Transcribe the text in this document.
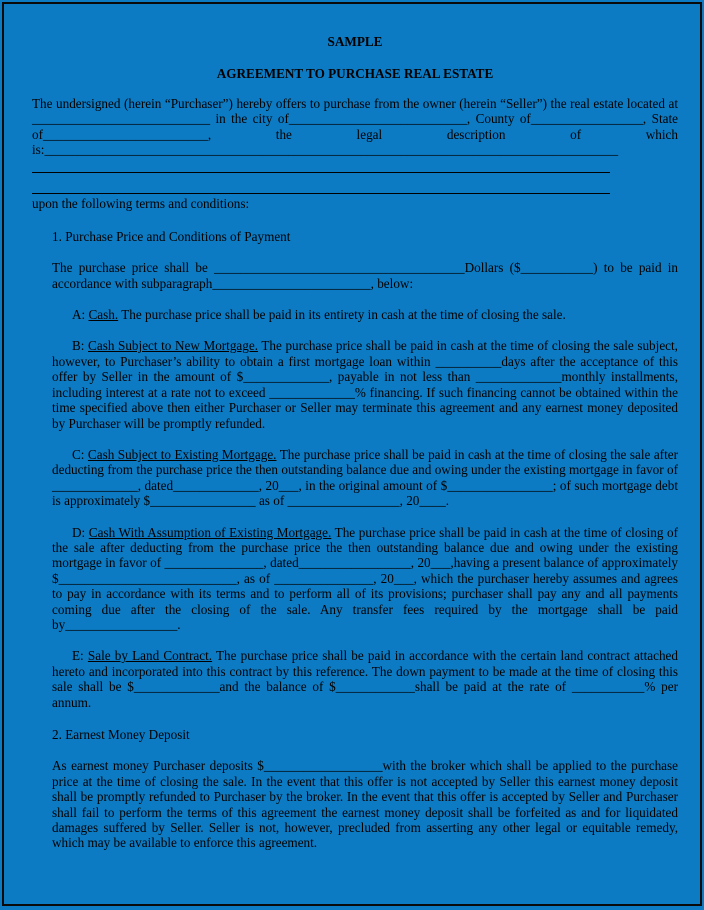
SAMPLE

AGREEMENT TO PURCHASE REAL ESTATE

The undersigned (herein “Purchaser”) hereby offers to purchase from the owner (herein “Seller”) the real estate located at ___________________________ in the city of___________________________, County of_________________, State of_________________________, the legal description of which is:_______________________________________________________________________________________

upon the following terms and conditions:

1. Purchase Price and Conditions of Payment

The purchase price shall be ______________________________________Dollars ($___________) to be paid in accordance with subparagraph________________________, below:

A: Cash. The purchase price shall be paid in its entirety in cash at the time of closing the sale.

B: Cash Subject to New Mortgage. The purchase price shall be paid in cash at the time of closing the sale subject, however, to Purchaser’s ability to obtain a first mortgage loan within __________days after the acceptance of this offer by Seller in the amount of $_____________, payable in not less than _____________monthly installments, including interest at a rate not to exceed _____________% financing. If such financing cannot be obtained within the time specified above then either Purchaser or Seller may terminate this agreement and any earnest money deposited by Purchaser will be promptly refunded.

C: Cash Subject to Existing Mortgage. The purchase price shall be paid in cash at the time of closing the sale after deducting from the purchase price the then outstanding balance due and owing under the existing mortgage in favor of _____________, dated_____________, 20___, in the original amount of $________________; of such mortgage debt is approximately $________________ as of _________________, 20____.

D: Cash With Assumption of Existing Mortgage. The purchase price shall be paid in cash at the time of closing of the sale after deducting from the purchase price the then outstanding balance due and owing under the existing mortgage in favor of _______________, dated_________________, 20___,having a present balance of approximately $___________________________, as of _______________, 20___, which the purchaser hereby assumes and agrees to pay in accordance with its terms and to perform all of its provisions; purchaser shall pay any and all payments coming due after the closing of the sale. Any transfer fees required by the mortgage shall be paid by_________________.

E: Sale by Land Contract. The purchase price shall be paid in accordance with the certain land contract attached hereto and incorporated into this contract by this reference. The down payment to be made at the time of closing this sale shall be $_____________and the balance of $____________shall be paid at the rate of ___________% per annum.

2. Earnest Money Deposit

As earnest money Purchaser deposits $__________________with the broker which shall be applied to the purchase price at the time of closing the sale. In the event that this offer is not accepted by Seller this earnest money deposit shall be promptly refunded to Purchaser by the broker. In the event that this offer is accepted by Seller and Purchaser shall fail to perform the terms of this agreement the earnest money deposit shall be forfeited as and for liquidated damages suffered by Seller. Seller is not, however, precluded from asserting any other legal or equitable remedy, which may be available to enforce this agreement.
